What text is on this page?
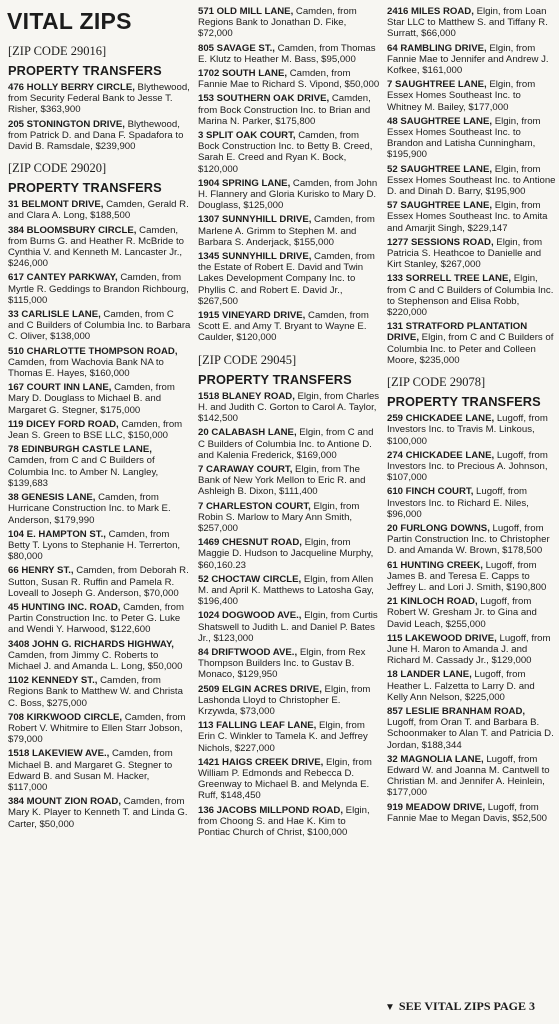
VITAL ZIPS
[ZIP CODE 29016]
PROPERTY TRANSFERS
476 HOLLY BERRY CIRCLE, Blythewood, from Security Federal Bank to Jesse T. Risher, $363,900
205 STONINGTON DRIVE, Blythewood, from Patrick D. and Dana F. Spadafora to David B. Ramsdale, $239,900
[ZIP CODE 29020]
PROPERTY TRANSFERS
31 BELMONT DRIVE, Camden, Gerald R. and Clara A. Long, $188,500
384 BLOOMSBURY CIRCLE, Camden, from Burns G. and Heather R. McBride to Cynthia V. and Kenneth M. Lancaster Jr., $246,000
617 CANTEY PARKWAY, Camden, from Myrtle R. Geddings to Brandon Richbourg, $115,000
33 CARLISLE LANE, Camden, from C and C Builders of Columbia Inc. to Barbara C. Oliver, $138,000
510 CHARLOTTE THOMPSON ROAD, Camden, from Wachovia Bank NA to Thomas E. Hayes, $160,000
167 COURT INN LANE, Camden, from Mary D. Douglass to Michael B. and Margaret G. Stegner, $175,000
119 DICEY FORD ROAD, Camden, from Jean S. Green to BSE LLC, $150,000
78 EDINBURGH CASTLE LANE, Camden, from C and C Builders of Columbia Inc. to Amber N. Langley, $139,683
38 GENESIS LANE, Camden, from Hurricane Construction Inc. to Mark E. Anderson, $179,990
104 E. HAMPTON ST., Camden, from Betty T. Lyons to Stephanie H. Terrerton, $80,000
66 HENRY ST., Camden, from Deborah R. Sutton, Susan R. Ruffin and Pamela R. Loveall to Joseph G. Anderson, $70,000
45 HUNTING INC. ROAD, Camden, from Partin Construction Inc. to Peter G. Luke and Wendi Y. Harwood, $122,600
3408 JOHN G. RICHARDS HIGHWAY, Camden, from Jimmy C. Roberts to Michael J. and Amanda L. Long, $50,000
1102 KENNEDY ST., Camden, from Regions Bank to Matthew W. and Christa C. Boss, $275,000
708 KIRKWOOD CIRCLE, Camden, from Robert V. Whitmire to Ellen Starr Jobson, $79,000
1518 LAKEVIEW AVE., Camden, from Michael B. and Margaret G. Stegner to Edward B. and Susan M. Hacker, $117,000
384 MOUNT ZION ROAD, Camden, from Mary K. Player to Kenneth T. and Linda G. Carter, $50,000
571 OLD MILL LANE, Camden, from Regions Bank to Jonathan D. Fike, $72,000
805 SAVAGE ST., Camden, from Thomas E. Klutz to Heather M. Bass, $95,000
1702 SOUTH LANE, Camden, from Fannie Mae to Richard S. Vipond, $50,000
153 SOUTHERN OAK DRIVE, Camden, from Bock Construction Inc. to Brian and Marina N. Parker, $175,800
3 SPLIT OAK COURT, Camden, from Bock Construction Inc. to Betty B. Creed, Sarah E. Creed and Ryan K. Bock, $120,000
1904 SPRING LANE, Camden, from John H. Flannery and Gloria Kurisko to Mary D. Douglass, $125,000
1307 SUNNYHILL DRIVE, Camden, from Marlene A. Grimm to Stephen M. and Barbara S. Anderjack, $155,000
1345 SUNNYHILL DRIVE, Camden, from the Estate of Robert E. David and Twin Lakes Development Company Inc. to Phyllis C. and Robert E. David Jr., $267,500
1915 VINEYARD DRIVE, Camden, from Scott E. and Amy T. Bryant to Wayne E. Caulder, $120,000
[ZIP CODE 29045]
PROPERTY TRANSFERS
1518 BLANEY ROAD, Elgin, from Charles H. and Judith C. Gorton to Carol A. Taylor, $142,500
20 CALABASH LANE, Elgin, from C and C Builders of Columbia Inc. to Antione D. and Kalenia Frederick, $169,000
7 CARAWAY COURT, Elgin, from The Bank of New York Mellon to Eric R. and Ashleigh B. Dixon, $111,400
7 CHARLESTON COURT, Elgin, from Robin S. Marlow to Mary Ann Smith, $257,000
1469 CHESNUT ROAD, Elgin, from Maggie D. Hudson to Jacqueline Murphy, $60,160.23
52 CHOCTAW CIRCLE, Elgin, from Allen M. and April K. Matthews to Latosha Gay, $196,400
1024 DOGWOOD AVE., Elgin, from Curtis Shatswell to Judith L. and Daniel P. Bates Jr., $123,000
84 DRIFTWOOD AVE., Elgin, from Rex Thompson Builders Inc. to Gustav B. Monaco, $129,950
2509 ELGIN ACRES DRIVE, Elgin, from Lashonda Lloyd to Christopher E. Krzywda, $73,000
113 FALLING LEAF LANE, Elgin, from Erin C. Winkler to Tamela K. and Jeffrey Nichols, $227,000
1421 HAIGS CREEK DRIVE, Elgin, from William P. Edmonds and Rebecca D. Greenway to Michael B. and Melynda E. Ruff, $148,450
136 JACOBS MILLPOND ROAD, Elgin, from Choong S. and Hae K. Kim to Pontiac Church of Christ, $100,000
2416 MILES ROAD, Elgin, from Loan Star LLC to Matthew S. and Tiffany R. Surratt, $66,000
64 RAMBLING DRIVE, Elgin, from Fannie Mae to Jennifer and Andrew J. Kofkee, $161,000
7 SAUGHTREE LANE, Elgin, from Essex Homes Southeast Inc. to Whitney M. Bailey, $177,000
48 SAUGHTREE LANE, Elgin, from Essex Homes Southeast Inc. to Brandon and Latisha Cunningham, $195,900
52 SAUGHTREE LANE, Elgin, from Essex Homes Southeast Inc. to Antione D. and Dinah D. Barry, $195,900
57 SAUGHTREE LANE, Elgin, from Essex Homes Southeast Inc. to Amita and Amarjit Singh, $229,147
1277 SESSIONS ROAD, Elgin, from Patricia S. Heathcoe to Danielle and Kirt Stanley, $267,000
133 SORRELL TREE LANE, Elgin, from C and C Builders of Columbia Inc. to Stephenson and Elisa Robb, $220,000
131 STRATFORD PLANTATION DRIVE, Elgin, from C and C Builders of Columbia Inc. to Peter and Colleen Moore, $235,000
[ZIP CODE 29078]
PROPERTY TRANSFERS
259 CHICKADEE LANE, Lugoff, from Investors Inc. to Travis M. Linkous, $100,000
274 CHICKADEE LANE, Lugoff, from Investors Inc. to Precious A. Johnson, $107,000
610 FINCH COURT, Lugoff, from Investors Inc. to Richard E. Niles, $96,000
20 FURLONG DOWNS, Lugoff, from Partin Construction Inc. to Christopher D. and Amanda W. Brown, $178,500
61 HUNTING CREEK, Lugoff, from James B. and Teresa E. Capps to Jeffrey L. and Lori J. Smith, $190,800
21 KINLOCH ROAD, Lugoff, from Robert W. Gresham Jr. to Gina and David Leach, $255,000
115 LAKEWOOD DRIVE, Lugoff, from June H. Maron to Amanda J. and Richard M. Cassady Jr., $129,000
18 LANDER LANE, Lugoff, from Heather L. Falzetta to Larry D. and Kelly Ann Nelson, $225,000
857 LESLIE BRANHAM ROAD, Lugoff, from Oran T. and Barbara B. Schoonmaker to Alan T. and Patricia D. Jordan, $188,344
32 MAGNOLIA LANE, Lugoff, from Edward W. and Joanna M. Cantwell to Christian M. and Jennifer A. Heinlein, $177,000
919 MEADOW DRIVE, Lugoff, from Fannie Mae to Megan Davis, $52,500
▼ SEE VITAL ZIPS PAGE 3
